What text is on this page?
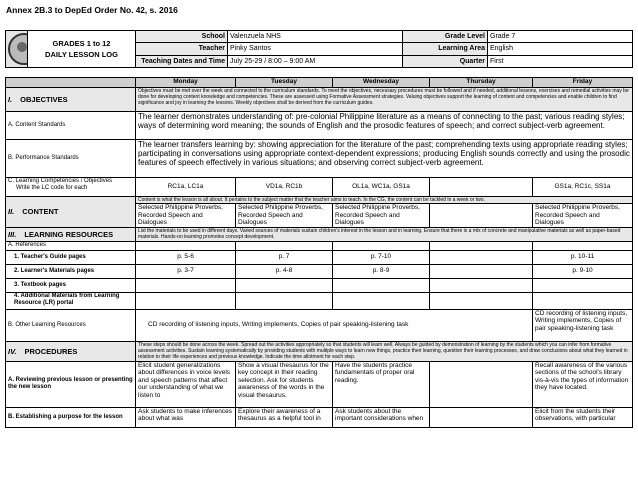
Annex 2B.3 to DepEd Order No. 42, s. 2016

	GRADES 1 to 12
DAILY LESSON LOG	School	Valenzuela NHS	Grade Level	Grade 7
		Teacher	Pinky Santos	Learning Area	English
		Teaching Dates and Time	July 25-29 / 8:00 – 9:00 AM	Quarter	First
	Monday	Tuesday	Wednesday	Thursday	Friday
I. OBJECTIVES	Objectives must be met over the week and connected to the curriculum standards. To meet the objectives, necessary procedures must be followed and if needed, additional lessons, exercises and remedial activities may be done for developing content knowledge and competencies. These are assessed using Formative Assessment strategies. Valuing objectives support the learning of content and competencies and enable children to find significance and joy in learning the lessons. Weekly objectives shall be derived from the curriculum guides.				
A. Content Standards	The learner demonstrates understanding of: pre-colonial Philippine literature as a means of connecting to the past; various reading styles; ways of determining word meaning; the sounds of English and the prosodic features of speech; and correct subject-verb agreement.				
B. Performance Standards	The learner transfers learning by: showing appreciation for the literature of the past; comprehending texts using appropriate reading styles; participating in conversations using appropriate context-dependent expressions; producing English sounds correctly and using the prosodic features of speech effectively in various situations; and observing correct subject-verb agreement.				

C. Learning Competencies / Objectives
Write the LC code for each	RC1a, LC1a	VD1a, RC1b	OL1a, WC1a, GS1a		GS1a, RC1c, SS1a
II. CONTENT	Content is what the lesson is all about. It pertains to the subject matter that the teacher aims to teach. In the CG, the content can be tackled in a week or two.				
	Selected Philippine Proverbs, Recorded Speech and Dialogues	Selected Philippine Proverbs, Recorded Speech and Dialogues	Selected Philippine Proverbs, Recorded Speech and Dialogues		Selected Philippine Proverbs, Recorded Speech and Dialogues
III. LEARNING RESOURCES	List the materials to be used in different days. Varied sources of materials sustain children's interest in the lesson and in learning. Ensure that there is a mix of concrete and manipulative materials as well as paper-based materials. Hands-on learning promotes concept development.				
A. References					
1. Teacher's Guide pages	p. 5-6	p. 7	p. 7-10		p. 10-11
2. Learner's Materials pages	p. 3-7	p. 4-8	p. 8-9		p. 9-10
3. Textbook pages					
4. Additional Materials from Learning Resource (LR) portal					
B. Other Learning Resources	CD recording of listening inputs, Writing implements, Copies of pair speaking-listening task				CD recording of listening inputs, Writing implements, Copies of pair speaking-listening task
IV. PROCEDURES	These steps should be done across the week. Spread out the activities appropriately so that students will learn well. Always be guided by demonstration of learning by the students which you can infer from formative assessment activities. Sustain learning systematically by providing students with multiple ways to learn new things, practice their learning, question their learning processes, and draw conclusions about what they learned in relation to their life experiences and previous knowledge. Indicate the time allotment for each step.				
A. Reviewing previous lesson or presenting the new lesson	Elicit student generalizations about differences in voice levels and speech patterns that affect our understanding of what we listen to	Show a visual thesaurus for the key concept in their reading selection. Ask for students awareness of the words in the visual thesaurus.	Have the students practice fundamentals of proper oral reading.		Recall awareness of the various sections of the school's library vis-à-vis the types of information they have located.
B. Establishing a purpose for the lesson	Ask students to make inferences about what was	Explore their awareness of a thesaurus as a helpful tool in	Ask students about the important considerations when		Elicit from the students their observations, with particular
